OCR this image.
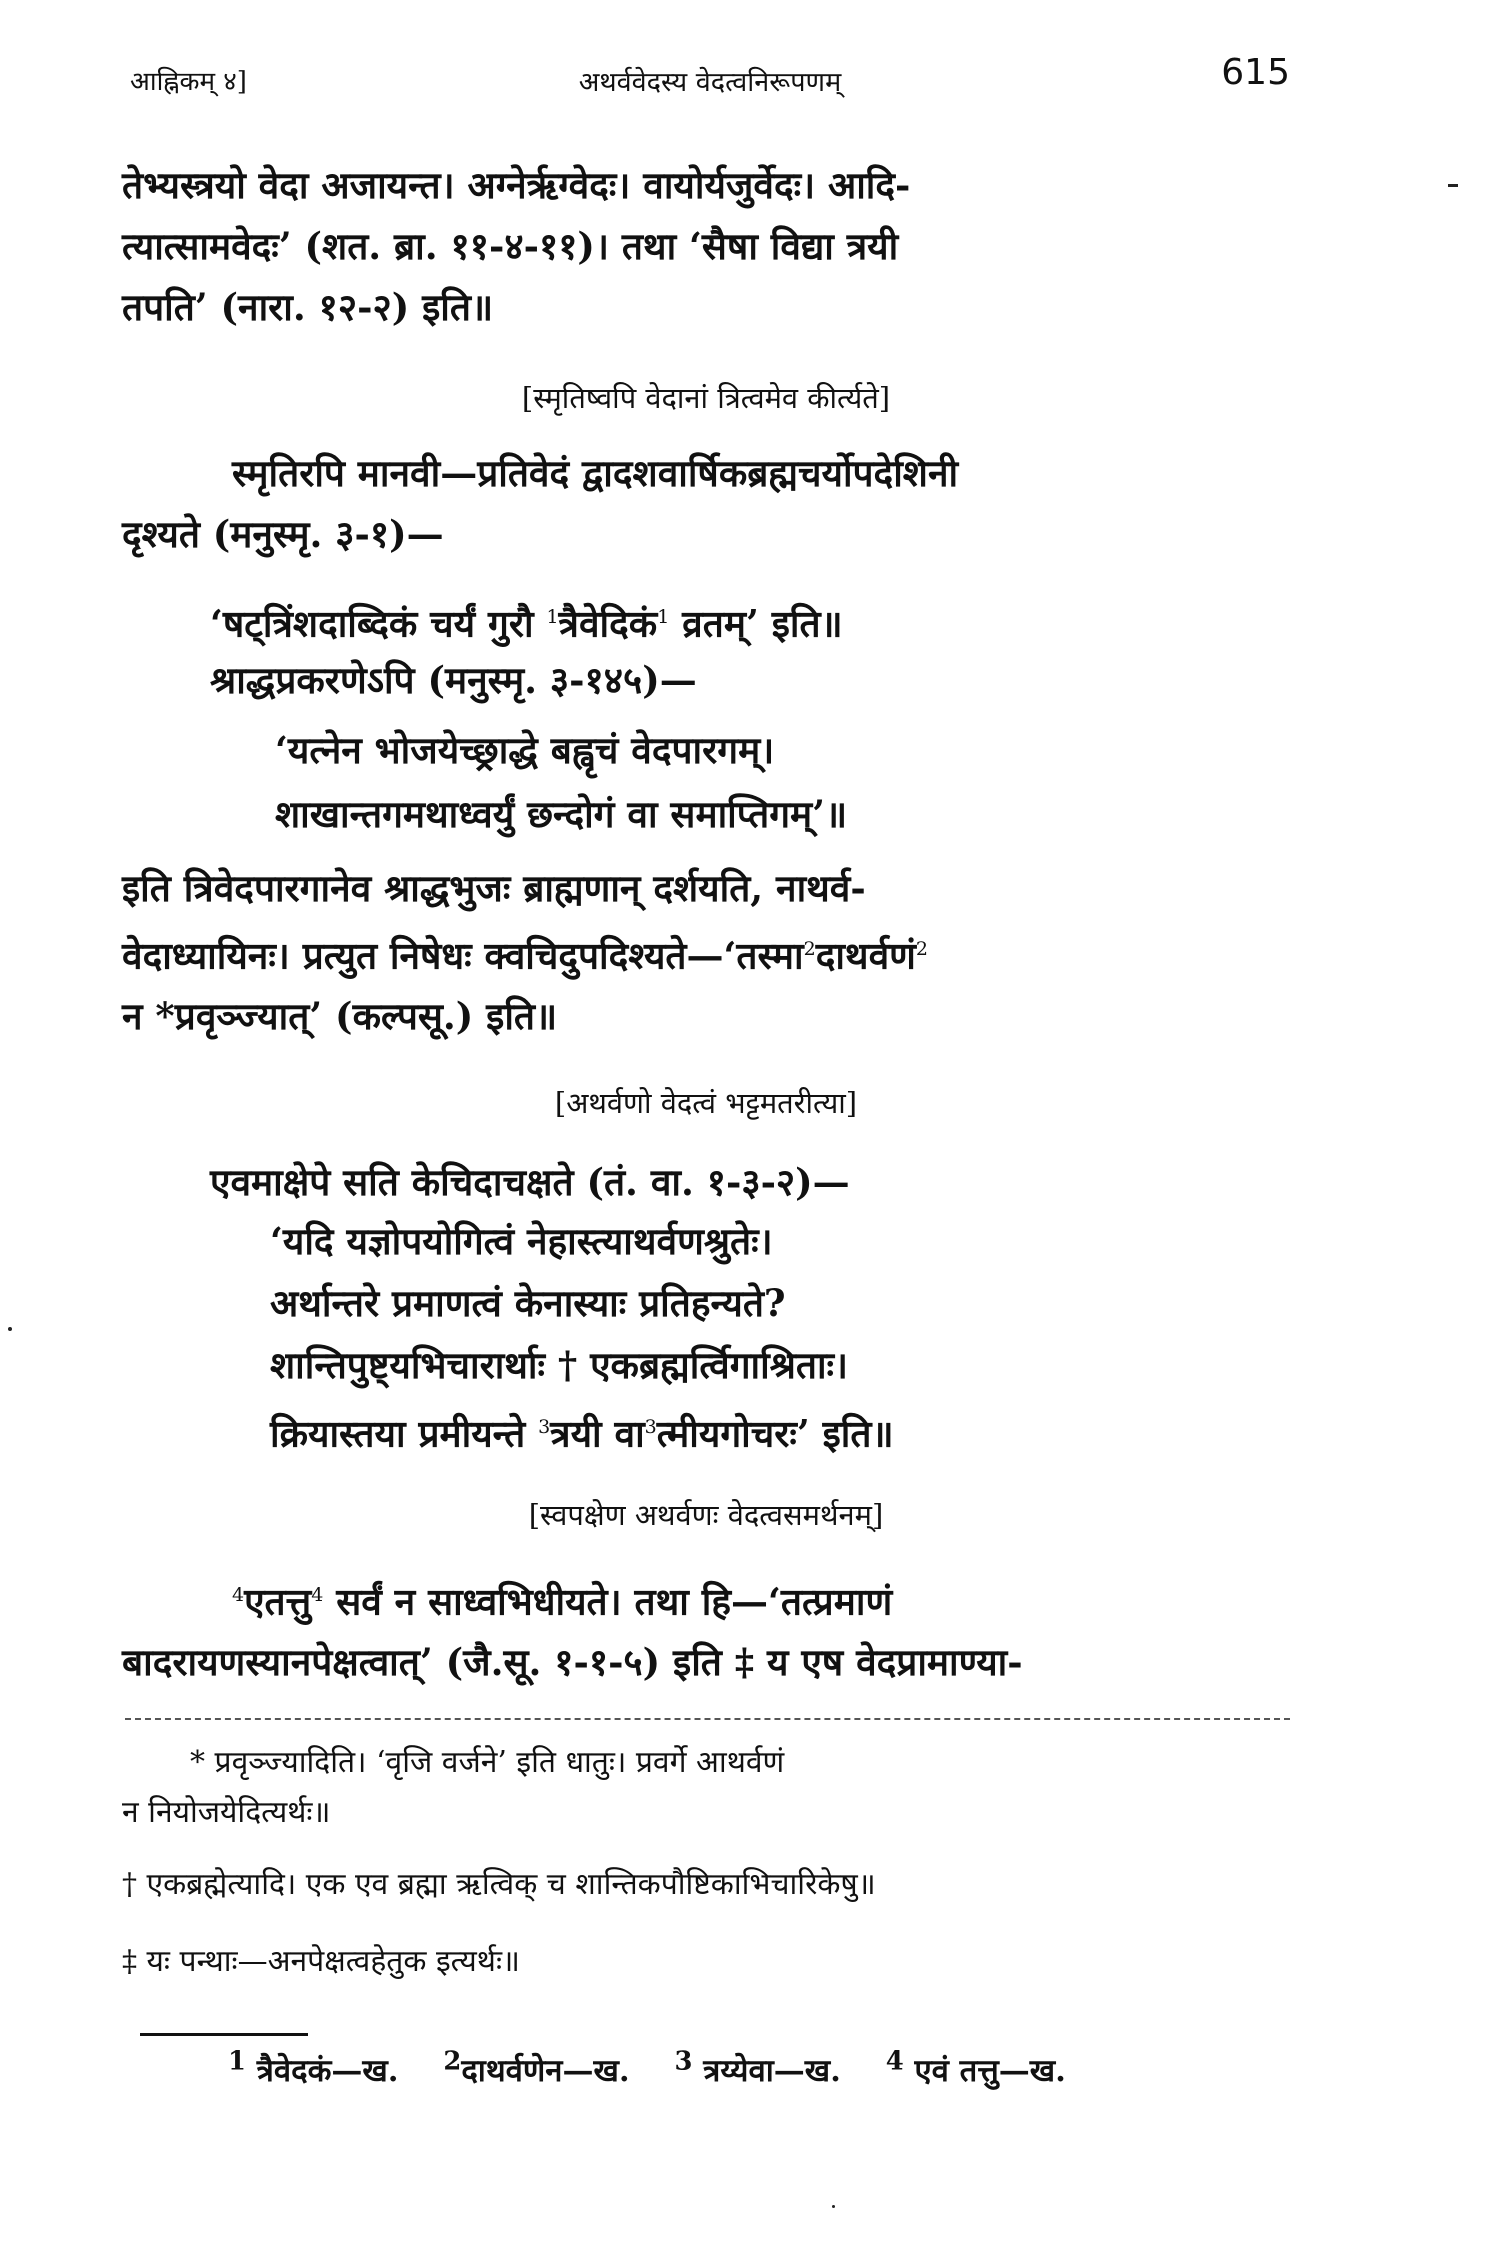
आह्निकम् ४]	अथर्ववेदस्य वेदत्वनिरूपणम्	615
तेभ्यस्त्रयो वेदा अजायन्त। अग्नेर्ऋग्वेदः। वायोर्यजुर्वेदः। आदि-
त्यात्सामवेदः’ (शत. ब्रा. ११-४-११)। तथा ‘सैषा विद्या त्रयी
तपति’ (नारा. १२-२) इति॥
[स्मृतिष्वपि वेदानां त्रित्वमेव कीर्त्यते]
स्मृतिरपि मानवी—प्रतिवेदं द्वादशवार्षिकब्रह्मचर्योपदेशिनी
दृश्यते (मनुस्मृ. ३-१)—
‘षट्त्रिंशदाब्दिकं चर्यं गुरौ $^1$त्रैवेदिकं$^1$ व्रतम्’ इति॥
श्राद्धप्रकरणेऽपि (मनुस्मृ. ३-१४५)—
‘यत्नेन भोजयेच्छ्राद्धे बह्वृचं वेदपारगम्।
शाखान्तगमथाध्वर्युं छन्दोगं वा समाप्तिगम्’॥
इति त्रिवेदपारगानेव श्राद्धभुजः ब्राह्मणान् दर्शयति, नाथर्व-
वेदाध्यायिनः। प्रत्युत निषेधः क्वचिदुपदिश्यते—‘तस्मा$^2$दाथर्वणं$^2$
न *प्रवृञ्ज्यात्’ (कल्पसू.) इति॥
[अथर्वणो वेदत्वं भट्टमतरीत्या]
एवमाक्षेपे सति केचिदाचक्षते (तं. वा. १-३-२)—
‘यदि यज्ञोपयोगित्वं नेहास्त्याथर्वणश्रुतेः।
अर्थान्तरे प्रमाणत्वं केनास्याः प्रतिहन्यते?
शान्तिपुष्ट्यभिचारार्थाः † एकब्रह्मर्त्विगाश्रिताः।
क्रियास्तया प्रमीयन्ते $^3$त्रयी वा$^3$त्मीयगोचरः’ इति॥
[स्वपक्षेण अथर्वणः वेदत्वसमर्थनम्]
$^4$एतत्तु$^4$ सर्वं न साध्वभिधीयते। तथा हि—‘तत्प्रमाणं
बादरायणस्यानपेक्षत्वात्’ (जै.सू. १-१-५) इति ‡ य एष वेदप्रामाण्या-
* प्रवृञ्ज्यादिति। ‘वृजि वर्जने’ इति धातुः। प्रवर्गे आथर्वणं
न नियोजयेदित्यर्थः॥
† एकब्रह्मेत्यादि। एक एव ब्रह्मा ऋत्विक् च शान्तिकपौष्टिकाभिचारिकेषु॥
‡ यः पन्थाः—अनपेक्षत्वहेतुक इत्यर्थः॥
$^1$ त्रैवेदकं—ख. $^2$दाथर्वणेन—ख. $^3$ त्रय्येवा—ख. $^4$ एवं तत्तु—ख.
